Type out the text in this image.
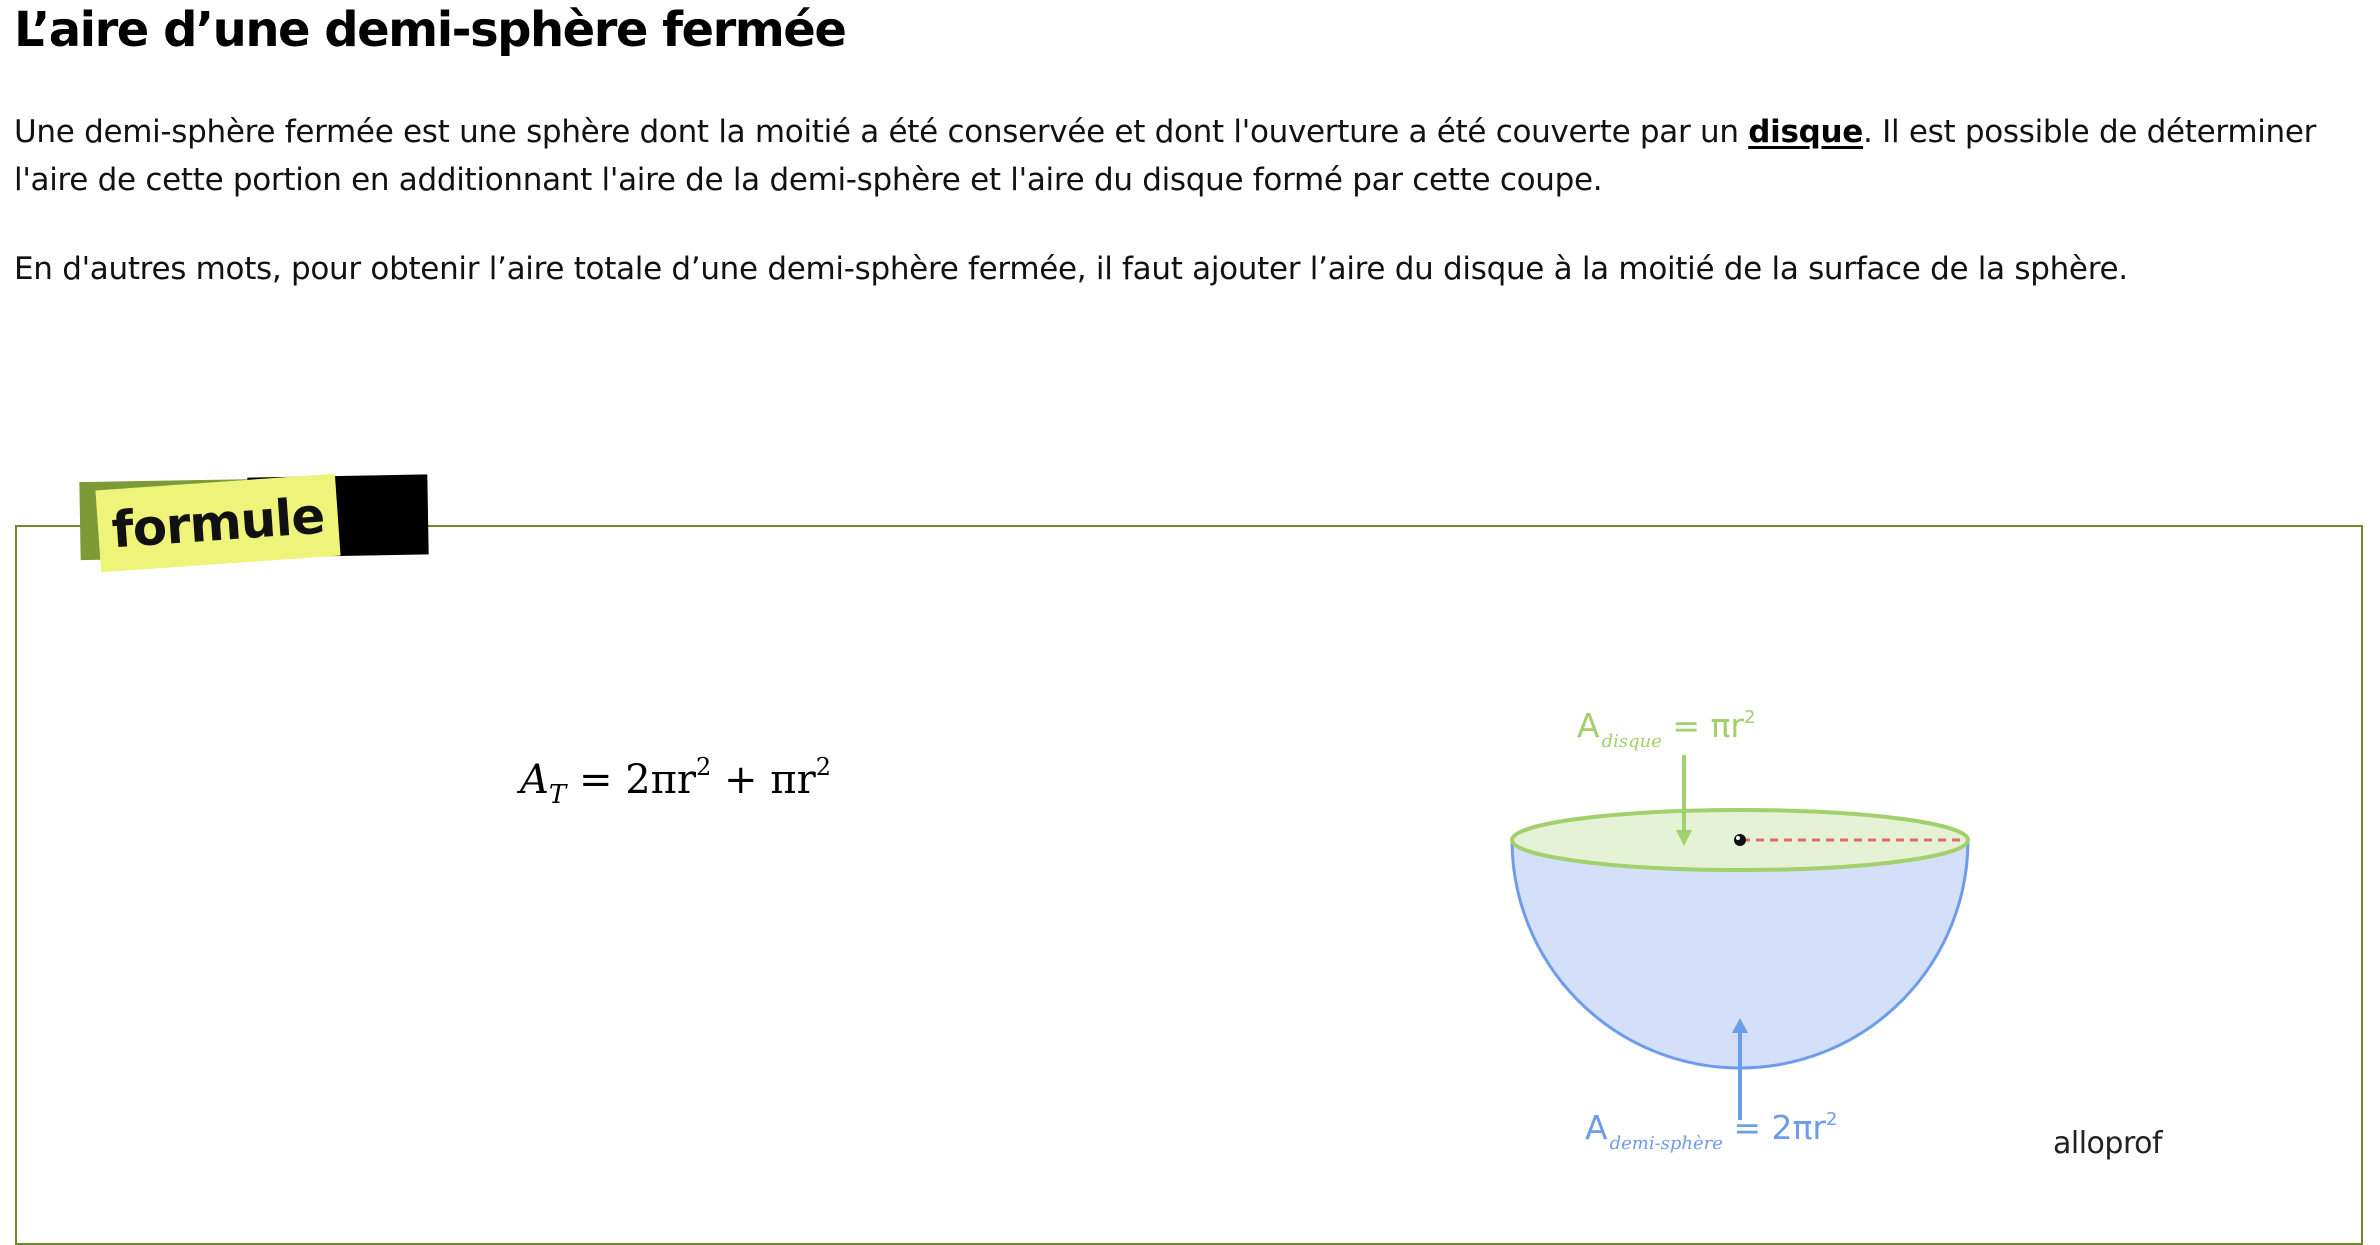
L’aire d’une demi-sphère fermée

Une demi-sphère fermée est une sphère dont la moitié a été conservée et dont l'ouverture a été couverte par un disque. Il est possible de déterminer l'aire de cette portion en additionnant l'aire de la demi-sphère et l'aire du disque formé par cette coupe.

En d'autres mots, pour obtenir l’aire totale d’une demi-sphère fermée, il faut ajouter l’aire du disque à la moitié de la surface de la sphère.

formule
$A_T = 2\pi r^2 + \pi r^2$
A $_{disque} = \pi r^2$
A $_{demi-sphère} = 2\pi r^2$
alloprof
